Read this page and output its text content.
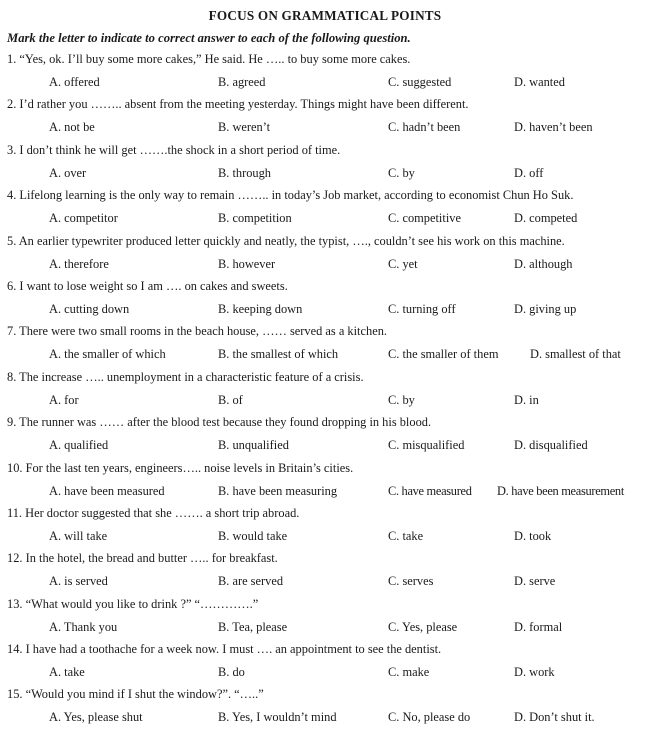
FOCUS ON GRAMMATICAL POINTS
Mark the letter to indicate to correct answer to each of the following question.
1. “Yes, ok. I’ll buy some more cakes,” He said. He ….. to buy some more cakes.
A. offered	B. agreed	C. suggested	D. wanted
2. I’d rather you …….. absent from the meeting yesterday. Things might have been different.
A. not be	B. weren’t	C. hadn’t been	D. haven’t been
3. I don’t think he will get …….the shock in a short period of time.
A. over	B. through	C. by	D. off
4. Lifelong learning is the only way to remain …….. in today’s Job market, according to economist Chun Ho Suk.
A. competitor	B. competition	C. competitive	D. competed
5. An earlier typewriter produced letter quickly and neatly, the typist, …., couldn’t see his work on this machine.
A. therefore	B. however	C. yet	D. although
6. I want to lose weight so I am …. on cakes and sweets.
A. cutting down	B. keeping down	C. turning off	D. giving up
7. There were two small rooms in the beach house, …… served as a kitchen.
A. the smaller of which	B. the smallest of which	C. the smaller of them	D. smallest of that
8. The increase ….. unemployment in a characteristic feature of a crisis.
A. for	B. of	C. by	D. in
9. The runner was …… after the blood test because they found dropping in his blood.
A. qualified	B. unqualified	C. misqualified	D. disqualified
10. For the last ten years, engineers….. noise levels in Britain’s cities.
A. have been measured	B. have been measuring	C. have measured D. have been measurement
11. Her doctor suggested that she ……. a short trip abroad.
A. will take	B. would take	C. take	D. took
12. In the hotel, the bread and butter ….. for breakfast.
A. is served	B. are served	C. serves	D. serve
13. “What would you like to drink ?” “………….”
A. Thank you	B. Tea, please	C. Yes, please	D. formal
14. I have had a toothache for a week now. I must …. an appointment to see the dentist.
A. take	B. do	C. make	D. work
15. “Would you mind if I shut the window?”. “…..”
A. Yes, please shut	B. Yes, I wouldn’t mind	C. No, please do	D. Don’t shut it.
